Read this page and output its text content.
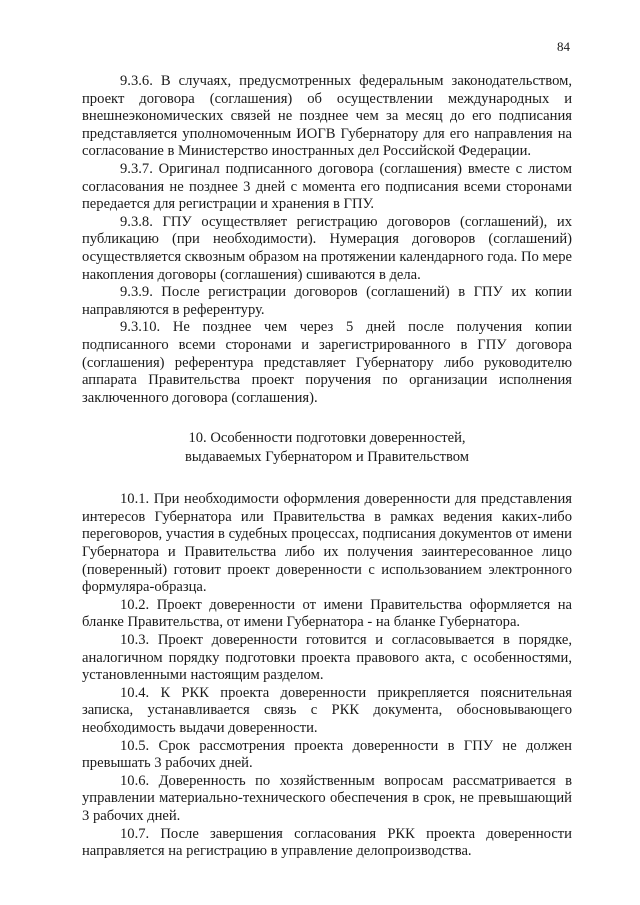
84

9.3.6. В случаях, предусмотренных федеральным законодательством, проект договора (соглашения) об осуществлении международных и внешнеэкономических связей не позднее чем за месяц до его подписания представляется уполномоченным ИОГВ Губернатору для его направления на согласование в Министерство иностранных дел Российской Федерации.

9.3.7. Оригинал подписанного договора (соглашения) вместе с листом согласования не позднее 3 дней с момента его подписания всеми сторонами передается для регистрации и хранения в ГПУ.

9.3.8. ГПУ осуществляет регистрацию договоров (соглашений), их публикацию (при необходимости). Нумерация договоров (соглашений) осуществляется сквозным образом на протяжении календарного года. По мере накопления договоры (соглашения) сшиваются в дела.

9.3.9. После регистрации договоров (соглашений) в ГПУ их копии направляются в референтуру.

9.3.10. Не позднее чем через 5 дней после получения копии подписанного всеми сторонами и зарегистрированного в ГПУ договора (соглашения) референтура представляет Губернатору либо руководителю аппарата Правительства проект поручения по организации исполнения заключенного договора (соглашения).

10. Особенности подготовки доверенностей,
выдаваемых Губернатором и Правительством

10.1. При необходимости оформления доверенности для представления интересов Губернатора или Правительства в рамках ведения каких-либо переговоров, участия в судебных процессах, подписания документов от имени Губернатора и Правительства либо их получения заинтересованное лицо (поверенный) готовит проект доверенности с использованием электронного формуляра-образца.

10.2. Проект доверенности от имени Правительства оформляется на бланке Правительства, от имени Губернатора - на бланке Губернатора.

10.3. Проект доверенности готовится и согласовывается в порядке, аналогичном порядку подготовки проекта правового акта, с особенностями, установленными настоящим разделом.

10.4. К РКК проекта доверенности прикрепляется пояснительная записка, устанавливается связь с РКК документа, обосновывающего необходимость выдачи доверенности.

10.5. Срок рассмотрения проекта доверенности в ГПУ не должен превышать 3 рабочих дней.

10.6. Доверенность по хозяйственным вопросам рассматривается в управлении материально-технического обеспечения в срок, не превышающий 3 рабочих дней.

10.7. После завершения согласования РКК проекта доверенности направляется на регистрацию в управление делопроизводства.
